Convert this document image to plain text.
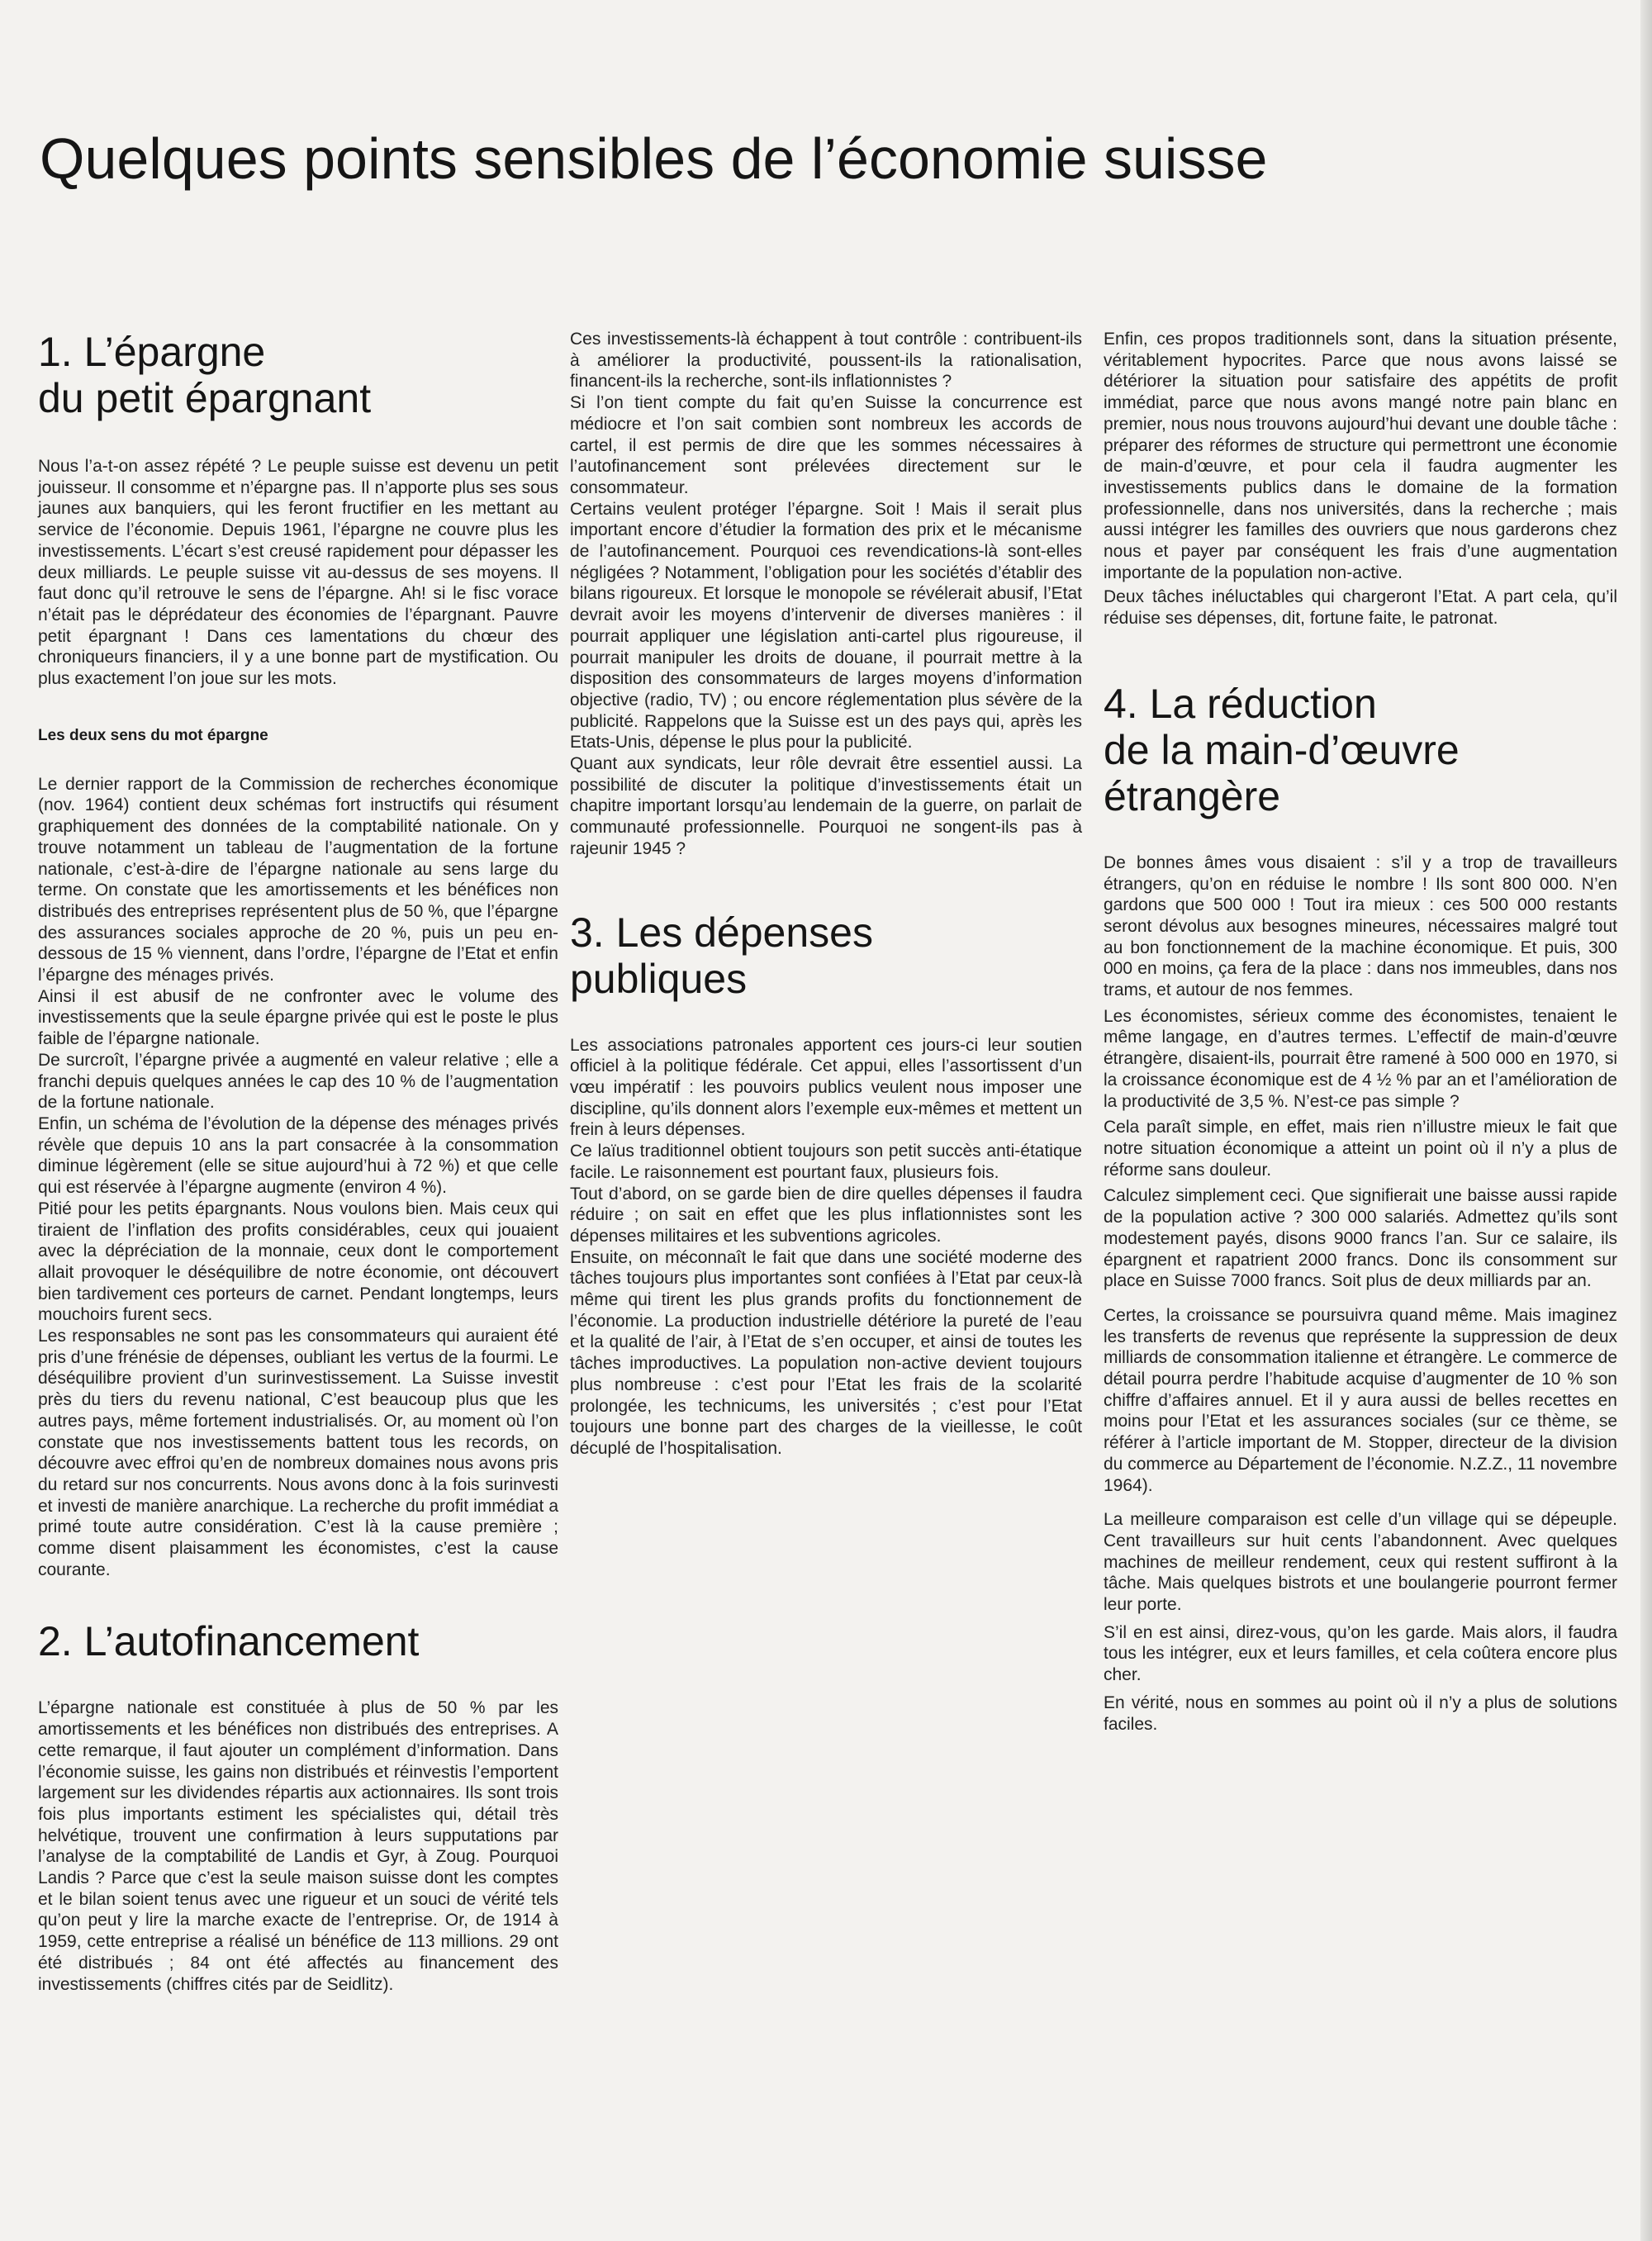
Quelques points sensibles de l’économie suisse
1. L’épargne
du petit épargnant

Nous l’a-t-on assez répété ? Le peuple suisse est devenu un petit jouisseur. Il consomme et n’épargne pas. Il n’apporte plus ses sous jaunes aux banquiers, qui les feront fructifier en les mettant au service de l’économie. Depuis 1961, l’épargne ne couvre plus les investissements. L’écart s’est creusé rapidement pour dépasser les deux milliards. Le peuple suisse vit au-dessus de ses moyens. Il faut donc qu’il retrouve le sens de l’épargne. Ah! si le fisc vorace n’était pas le déprédateur des économies de l’épargnant. Pauvre petit épargnant ! Dans ces lamentations du chœur des chroniqueurs financiers, il y a une bonne part de mystification. Ou plus exactement l’on joue sur les mots.

Les deux sens du mot épargne

Le dernier rapport de la Commission de recherches économique (nov. 1964) contient deux schémas fort instructifs qui résument graphiquement des données de la comptabilité nationale. On y trouve notamment un tableau de l’augmentation de la fortune nationale, c’est-à-dire de l’épargne nationale au sens large du terme. On constate que les amortissements et les bénéfices non distribués des entreprises représentent plus de 50 %, que l’épargne des assurances sociales approche de 20 %, puis un peu en-dessous de 15 % viennent, dans l’ordre, l’épargne de l’Etat et enfin l’épargne des ménages privés.

Ainsi il est abusif de ne confronter avec le volume des investissements que la seule épargne privée qui est le poste le plus faible de l’épargne nationale.

De surcroît, l’épargne privée a augmenté en valeur relative ; elle a franchi depuis quelques années le cap des 10 % de l’augmentation de la fortune nationale.

Enfin, un schéma de l’évolution de la dépense des ménages privés révèle que depuis 10 ans la part consacrée à la consommation diminue légèrement (elle se situe aujourd’hui à 72 %) et que celle qui est réservée à l’épargne augmente (environ 4 %).

Pitié pour les petits épargnants. Nous voulons bien. Mais ceux qui tiraient de l’inflation des profits considérables, ceux qui jouaient avec la dépréciation de la monnaie, ceux dont le comportement allait provoquer le déséquilibre de notre économie, ont découvert bien tardivement ces porteurs de carnet. Pendant longtemps, leurs mouchoirs furent secs.

Les responsables ne sont pas les consommateurs qui auraient été pris d’une frénésie de dépenses, oubliant les vertus de la fourmi. Le déséquilibre provient d’un surinvestissement. La Suisse investit près du tiers du revenu national, C’est beaucoup plus que les autres pays, même fortement industrialisés. Or, au moment où l’on constate que nos investissements battent tous les records, on découvre avec effroi qu’en de nombreux domaines nous avons pris du retard sur nos concurrents. Nous avons donc à la fois surinvesti et investi de manière anarchique. La recherche du profit immédiat a primé toute autre considération. C’est là la cause première ; comme disent plaisamment les économistes, c’est la cause courante.

2. L’autofinancement

L’épargne nationale est constituée à plus de 50 % par les amortissements et les bénéfices non distribués des entreprises. A cette remarque, il faut ajouter un complément d’information. Dans l’économie suisse, les gains non distribués et réinvestis l’emportent largement sur les dividendes répartis aux actionnaires. Ils sont trois fois plus importants estiment les spécialistes qui, détail très helvétique, trouvent une confirmation à leurs supputations par l’analyse de la comptabilité de Landis et Gyr, à Zoug. Pourquoi Landis ? Parce que c’est la seule maison suisse dont les comptes et le bilan soient tenus avec une rigueur et un souci de vérité tels qu’on peut y lire la marche exacte de l’entreprise. Or, de 1914 à 1959, cette entreprise a réalisé un bénéfice de 113 millions. 29 ont été distribués ; 84 ont été affectés au financement des investissements (chiffres cités par de Seidlitz).

Ces investissements-là échappent à tout contrôle : contribuent-ils à améliorer la productivité, poussent-ils la rationalisation, financent-ils la recherche, sont-ils inflationnistes ?

Si l’on tient compte du fait qu’en Suisse la concurrence est médiocre et l’on sait combien sont nombreux les accords de cartel, il est permis de dire que les sommes nécessaires à l’autofinancement sont prélevées directement sur le consommateur.

Certains veulent protéger l’épargne. Soit ! Mais il serait plus important encore d’étudier la formation des prix et le mécanisme de l’autofinancement. Pourquoi ces revendications-là sont-elles négligées ? Notamment, l’obligation pour les sociétés d’établir des bilans rigoureux. Et lorsque le monopole se révélerait abusif, l’Etat devrait avoir les moyens d’intervenir de diverses manières : il pourrait appliquer une législation anti-cartel plus rigoureuse, il pourrait manipuler les droits de douane, il pourrait mettre à la disposition des consommateurs de larges moyens d’information objective (radio, TV) ; ou encore réglementation plus sévère de la publicité. Rappelons que la Suisse est un des pays qui, après les Etats-Unis, dépense le plus pour la publicité.

Quant aux syndicats, leur rôle devrait être essentiel aussi. La possibilité de discuter la politique d’investissements était un chapitre important lorsqu’au lendemain de la guerre, on parlait de communauté professionnelle. Pourquoi ne songent-ils pas à rajeunir 1945 ?

3. Les dépenses
publiques

Les associations patronales apportent ces jours-ci leur soutien officiel à la politique fédérale. Cet appui, elles l’assortissent d’un vœu impératif : les pouvoirs publics veulent nous imposer une discipline, qu’ils donnent alors l’exemple eux-mêmes et mettent un frein à leurs dépenses.

Ce laïus traditionnel obtient toujours son petit succès anti-étatique facile. Le raisonnement est pourtant faux, plusieurs fois.

Tout d’abord, on se garde bien de dire quelles dépenses il faudra réduire ; on sait en effet que les plus inflationnistes sont les dépenses militaires et les subventions agricoles.

Ensuite, on méconnaît le fait que dans une société moderne des tâches toujours plus importantes sont confiées à l’Etat par ceux-là même qui tirent les plus grands profits du fonctionnement de l’économie. La production industrielle détériore la pureté de l’eau et la qualité de l’air, à l’Etat de s’en occuper, et ainsi de toutes les tâches improductives. La population non-active devient toujours plus nombreuse : c’est pour l’Etat les frais de la scolarité prolongée, les technicums, les universités ; c’est pour l’Etat toujours une bonne part des charges de la vieillesse, le coût décuplé de l’hospitalisation.

Enfin, ces propos traditionnels sont, dans la situation présente, véritablement hypocrites. Parce que nous avons laissé se détériorer la situation pour satisfaire des appétits de profit immédiat, parce que nous avons mangé notre pain blanc en premier, nous nous trouvons aujourd’hui devant une double tâche : préparer des réformes de structure qui permettront une économie de main-d’œuvre, et pour cela il faudra augmenter les investissements publics dans le domaine de la formation professionnelle, dans nos universités, dans la recherche ; mais aussi intégrer les familles des ouvriers que nous garderons chez nous et payer par conséquent les frais d’une augmentation importante de la population non-active.

Deux tâches inéluctables qui chargeront l’Etat. A part cela, qu’il réduise ses dépenses, dit, fortune faite, le patronat.

4. La réduction
de la main-d’œuvre
étrangère

De bonnes âmes vous disaient : s’il y a trop de travailleurs étrangers, qu’on en réduise le nombre ! Ils sont 800 000. N’en gardons que 500 000 ! Tout ira mieux : ces 500 000 restants seront dévolus aux besognes mineures, nécessaires malgré tout au bon fonctionnement de la machine économique. Et puis, 300 000 en moins, ça fera de la place : dans nos immeubles, dans nos trams, et autour de nos femmes.

Les économistes, sérieux comme des économistes, tenaient le même langage, en d’autres termes. L’effectif de main-d’œuvre étrangère, disaient-ils, pourrait être ramené à 500 000 en 1970, si la croissance économique est de 4 ½ % par an et l’amélioration de la productivité de 3,5 %. N’est-ce pas simple ?

Cela paraît simple, en effet, mais rien n’illustre mieux le fait que notre situation économique a atteint un point où il n’y a plus de réforme sans douleur.

Calculez simplement ceci. Que signifierait une baisse aussi rapide de la population active ? 300 000 salariés. Admettez qu’ils sont modestement payés, disons 9000 francs l’an. Sur ce salaire, ils épargnent et rapatrient 2000 francs. Donc ils consomment sur place en Suisse 7000 francs. Soit plus de deux milliards par an.

Certes, la croissance se poursuivra quand même. Mais imaginez les transferts de revenus que représente la suppression de deux milliards de consommation italienne et étrangère. Le commerce de détail pourra perdre l’habitude acquise d’augmenter de 10 % son chiffre d’affaires annuel. Et il y aura aussi de belles recettes en moins pour l’Etat et les assurances sociales (sur ce thème, se référer à l’article important de M. Stopper, directeur de la division du commerce au Département de l’économie. N.Z.Z., 11 novembre 1964).

La meilleure comparaison est celle d’un village qui se dépeuple. Cent travailleurs sur huit cents l’abandonnent. Avec quelques machines de meilleur rendement, ceux qui restent suffiront à la tâche. Mais quelques bistrots et une boulangerie pourront fermer leur porte.

S’il en est ainsi, direz-vous, qu’on les garde. Mais alors, il faudra tous les intégrer, eux et leurs familles, et cela coûtera encore plus cher.

En vérité, nous en sommes au point où il n’y a plus de solutions faciles.
